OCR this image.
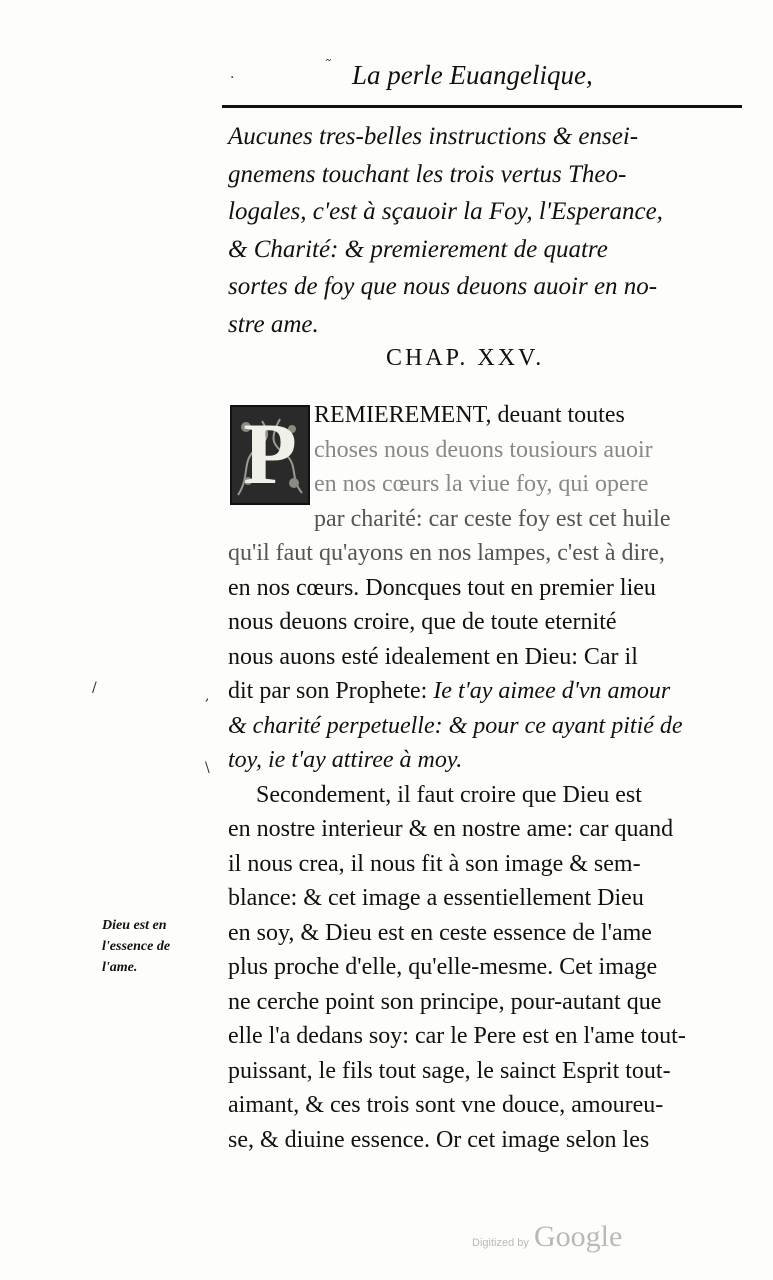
·
˜ La perle Euangelique,
Aucunes tres-belles instructions & ensei-
gnemens touchant les trois vertus Theo-
logales, c'est à sçauoir la Foy, l'Esperance,
& Charité: & premierement de quatre
sortes de foy que nous deuons auoir en no-
stre ame.
CHAP. XXV.
P REMIEREMENT, deuant toutes
choses nous deuons tousiours auoir
en nos cœurs la viue foy, qui opere
par charité: car ceste foy est cet huile
qu'il faut qu'ayons en nos lampes, c'est à dire,
en nos cœurs. Doncques tout en premier lieu
nous deuons croire, que de toute eternité
nous auons esté idealement en Dieu: Car il
dit par son Prophete: Ie t'ay aimee d'vn amour
& charité perpetuelle: & pour ce ayant pitié de
toy, ie t'ay attiree à moy.
Secondement, il faut croire que Dieu est
en nostre interieur & en nostre ame: car quand
il nous crea, il nous fit à son image & sem-
blance: & cet image a essentiellement Dieu
en soy, & Dieu est en ceste essence de l'ame
plus proche d'elle, qu'elle-mesme. Cet image
ne cerche point son principe, pour-autant que
elle l'a dedans soy: car le Pere est en l'ame tout-
puissant, le fils tout sage, le sainct Esprit tout-
aimant, & ces trois sont vne douce, amoureu-
se, & diuine essence. Or cet image selon les
/	,
\
Dieu est en
l'essence de
l'ame.
Digitized by Google
